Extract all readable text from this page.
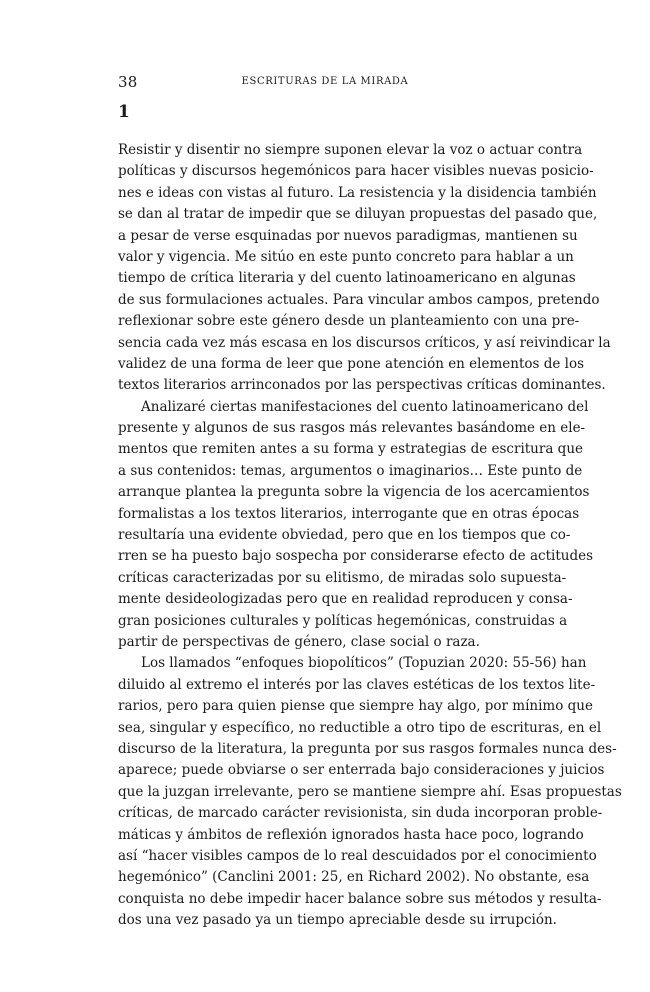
38	ESCRITURAS DE LA MIRADA
1
Resistir y disentir no siempre suponen elevar la voz o actuar contra
políticas y discursos hegemónicos para hacer visibles nuevas posicio-
nes e ideas con vistas al futuro. La resistencia y la disidencia también
se dan al tratar de impedir que se diluyan propuestas del pasado que,
a pesar de verse esquinadas por nuevos paradigmas, mantienen su
valor y vigencia. Me sitúo en este punto concreto para hablar a un
tiempo de crítica literaria y del cuento latinoamericano en algunas
de sus formulaciones actuales. Para vincular ambos campos, pretendo
reflexionar sobre este género desde un planteamiento con una pre-
sencia cada vez más escasa en los discursos críticos, y así reivindicar la
validez de una forma de leer que pone atención en elementos de los
textos literarios arrinconados por las perspectivas críticas dominantes.
Analizaré ciertas manifestaciones del cuento latinoamericano del
presente y algunos de sus rasgos más relevantes basándome en ele-
mentos que remiten antes a su forma y estrategias de escritura que
a sus contenidos: temas, argumentos o imaginarios… Este punto de
arranque plantea la pregunta sobre la vigencia de los acercamientos
formalistas a los textos literarios, interrogante que en otras épocas
resultaría una evidente obviedad, pero que en los tiempos que co-
rren se ha puesto bajo sospecha por considerarse efecto de actitudes
críticas caracterizadas por su elitismo, de miradas solo supuesta-
mente desideologizadas pero que en realidad reproducen y consa-
gran posiciones culturales y políticas hegemónicas, construidas a
partir de perspectivas de género, clase social o raza.
Los llamados “enfoques biopolíticos” (Topuzian 2020: 55-56) han
diluido al extremo el interés por las claves estéticas de los textos lite-
rarios, pero para quien piense que siempre hay algo, por mínimo que
sea, singular y específico, no reductible a otro tipo de escrituras, en el
discurso de la literatura, la pregunta por sus rasgos formales nunca des-
aparece; puede obviarse o ser enterrada bajo consideraciones y juicios
que la juzgan irrelevante, pero se mantiene siempre ahí. Esas propuestas
críticas, de marcado carácter revisionista, sin duda incorporan proble-
máticas y ámbitos de reflexión ignorados hasta hace poco, logrando
así “hacer visibles campos de lo real descuidados por el conocimiento
hegemónico” (Canclini 2001: 25, en Richard 2002). No obstante, esa
conquista no debe impedir hacer balance sobre sus métodos y resulta-
dos una vez pasado ya un tiempo apreciable desde su irrupción.
